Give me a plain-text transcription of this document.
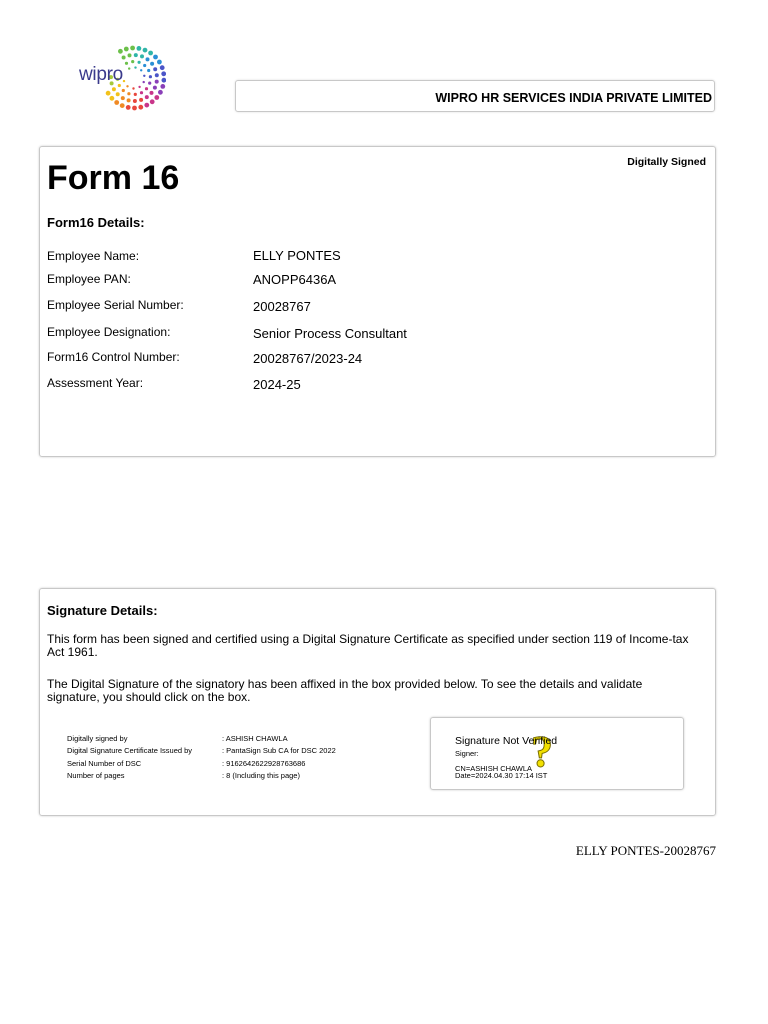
wipro
WIPRO HR SERVICES INDIA PRIVATE LIMITED
Form 16	Digitally Signed
Form16 Details:
Employee Name:	ELLY PONTES
Employee PAN:	ANOPP6436A
Employee Serial Number:	20028767
Employee Designation:	Senior Process Consultant
Form16 Control Number:	20028767/2023-24
Assessment Year:	2024-25
Signature Details:
This form has been signed and certified using a Digital Signature Certificate as specified under section 119 of Income-tax Act 1961.
The Digital Signature of the signatory has been affixed in the box provided below. To see the details and validate signature, you should click on the box.
Digitally signed by	: ASHISH CHAWLA
Digital Signature Certificate Issued by	: PantaSign Sub CA for DSC 2022
Serial Number of DSC	: 9162642622928763686
Number of pages	: 8 (Including this page)	?
Signature Not Verified
Signer:
CN=ASHISH CHAWLA
Date=2024.04.30 17:14 IST
ELLY PONTES-20028767
